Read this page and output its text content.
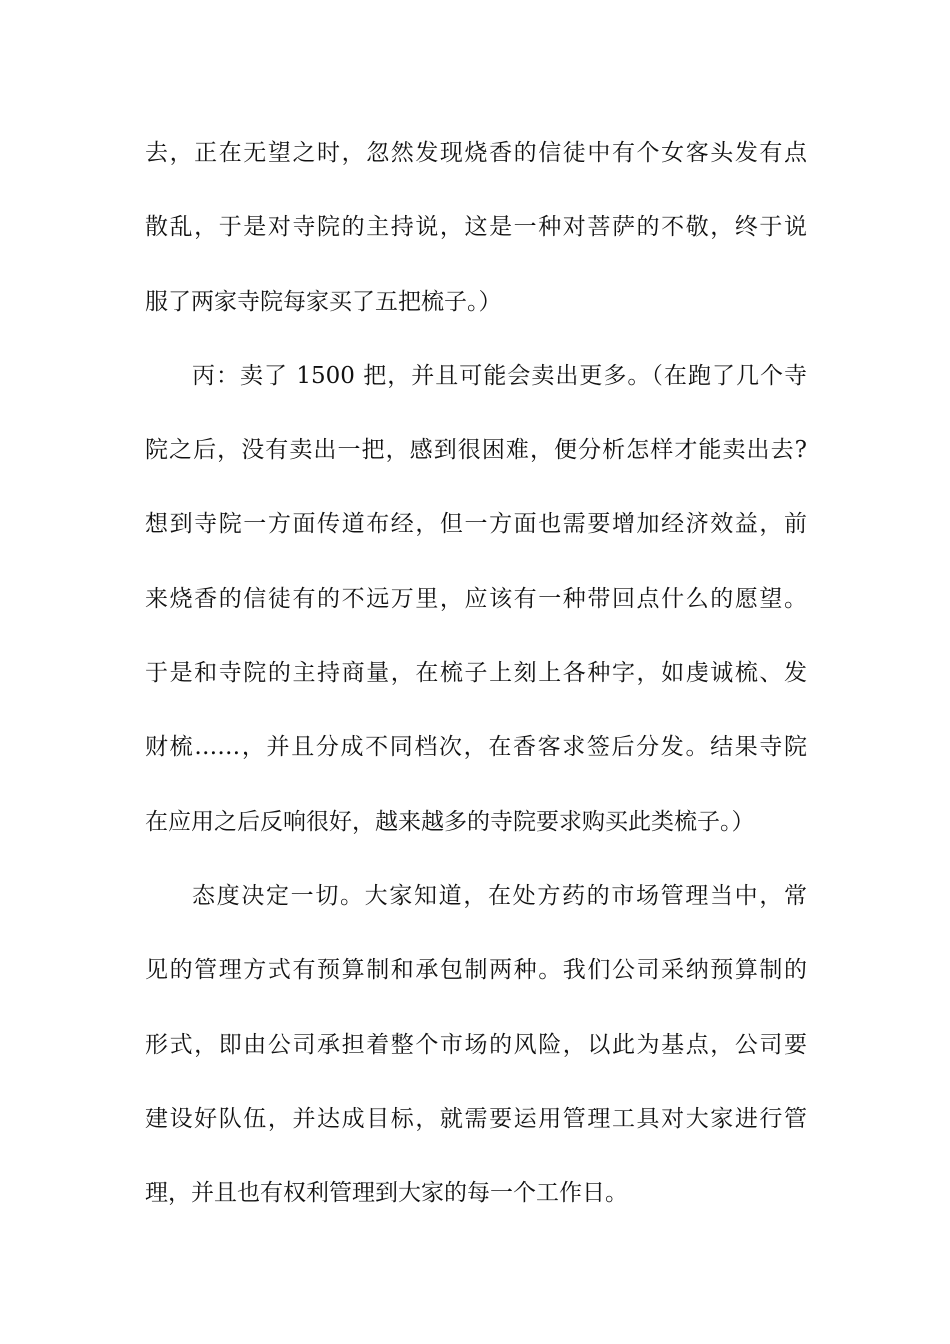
去，正在无望之时，忽然发现烧香的信徒中有个女客头发有点
散乱，于是对寺院的主持说，这是一种对菩萨的不敬，终于说
服了两家寺院每家买了五把梳子。）
丙：卖了 1500 把，并且可能会卖出更多。（在跑了几个寺
院之后，没有卖出一把，感到很困难，便分析怎样才能卖出去?
想到寺院一方面传道布经，但一方面也需要增加经济效益，前
来烧香的信徒有的不远万里，应该有一种带回点什么的愿望。
于是和寺院的主持商量，在梳子上刻上各种字，如虔诚梳、发
财梳……，并且分成不同档次，在香客求签后分发。结果寺院
在应用之后反响很好，越来越多的寺院要求购买此类梳子。）
态度决定一切。大家知道，在处方药的市场管理当中，常
见的管理方式有预算制和承包制两种。我们公司采纳预算制的
形式，即由公司承担着整个市场的风险，以此为基点，公司要
建设好队伍，并达成目标，就需要运用管理工具对大家进行管
理，并且也有权利管理到大家的每一个工作日。
